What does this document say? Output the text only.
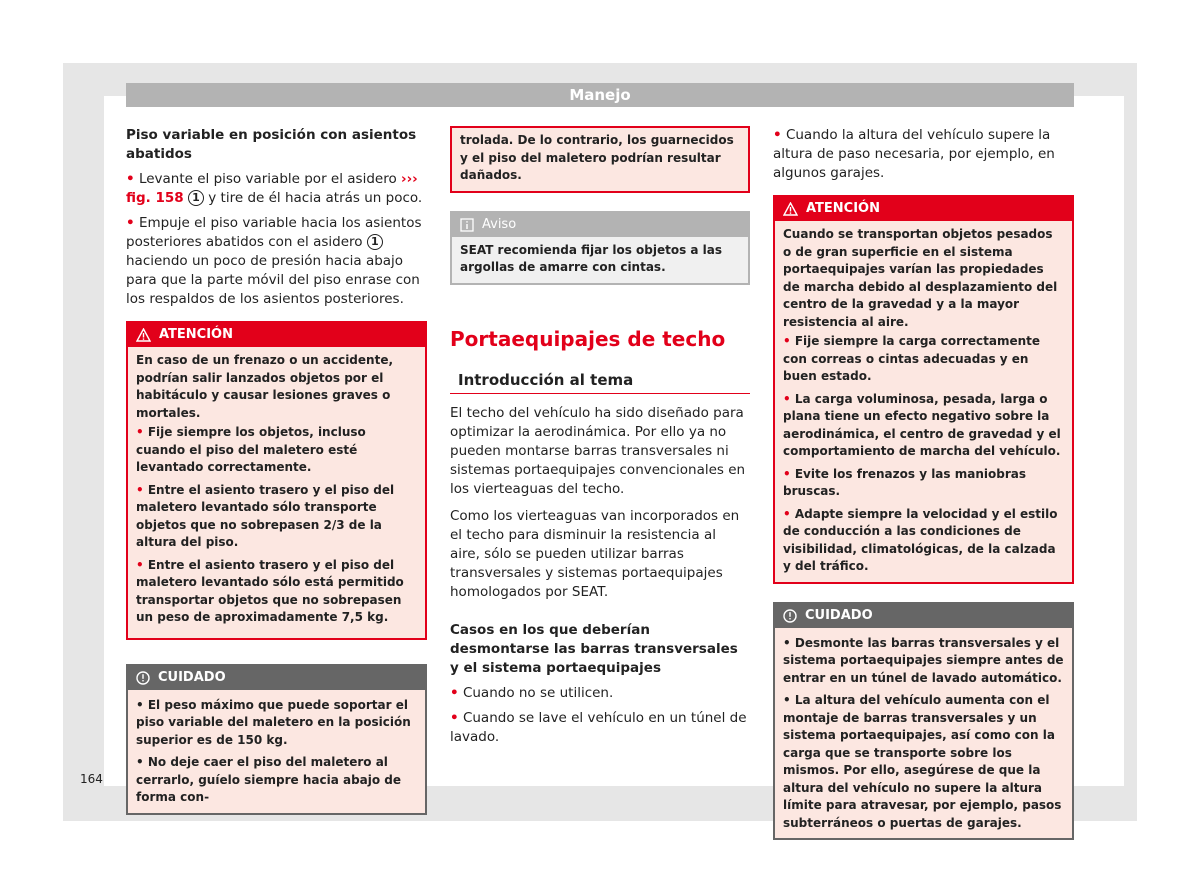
Manejo
Piso variable en posición con asientos abatidos
• Levante el piso variable por el asidero ››› fig. 158 1 y tire de él hacia atrás un poco.
• Empuje el piso variable hacia los asientos posteriores abatidos con el asidero 1 haciendo un poco de presión hacia abajo para que la parte móvil del piso enrase con los respaldos de los asientos posteriores.
ATENCIÓN

En caso de un frenazo o un accidente, podrían salir lanzados objetos por el habitáculo y causar lesiones graves o mortales.

• Fije siempre los objetos, incluso cuando el piso del maletero esté levantado correctamente.
• Entre el asiento trasero y el piso del maletero levantado sólo transporte objetos que no sobrepasen 2/3 de la altura del piso.
• Entre el asiento trasero y el piso del maletero levantado sólo está permitido transportar objetos que no sobrepasen un peso de aproximadamente 7,5 kg.
CUIDADO
• El peso máximo que puede soportar el piso variable del maletero en la posición superior es de 150 kg.
• No deje caer el piso del maletero al cerrarlo, guíelo siempre hacia abajo de forma con-

trolada. De lo contrario, los guarnecidos y el piso del maletero podrían resultar dañados.

Aviso

SEAT recomienda fijar los objetos a las argollas de amarre con cintas.

Portaequipajes de techo
Introducción al tema

El techo del vehículo ha sido diseñado para optimizar la aerodinámica. Por ello ya no pueden montarse barras transversales ni sistemas portaequipajes convencionales en los vierteaguas del techo.

Como los vierteaguas van incorporados en el techo para disminuir la resistencia al aire, sólo se pueden utilizar barras transversales y sistemas portaequipajes homologados por SEAT.

Casos en los que deberían desmontarse las barras transversales y el sistema portaequipajes
• Cuando no se utilicen.
• Cuando se lave el vehículo en un túnel de lavado.
• Cuando la altura del vehículo supere la altura de paso necesaria, por ejemplo, en algunos garajes.
ATENCIÓN

Cuando se transportan objetos pesados o de gran superficie en el sistema portaequipajes varían las propiedades de marcha debido al desplazamiento del centro de la gravedad y a la mayor resistencia al aire.

• Fije siempre la carga correctamente con correas o cintas adecuadas y en buen estado.
• La carga voluminosa, pesada, larga o plana tiene un efecto negativo sobre la aerodinámica, el centro de gravedad y el comportamiento de marcha del vehículo.
• Evite los frenazos y las maniobras bruscas.
• Adapte siempre la velocidad y el estilo de conducción a las condiciones de visibilidad, climatológicas, de la calzada y del tráfico.
CUIDADO
• Desmonte las barras transversales y el sistema portaequipajes siempre antes de entrar en un túnel de lavado automático.
• La altura del vehículo aumenta con el montaje de barras transversales y un sistema portaequipajes, así como con la carga que se transporte sobre los mismos. Por ello, asegúrese de que la altura del vehículo no supere la altura límite para atravesar, por ejemplo, pasos subterráneos o puertas de garajes.
164
